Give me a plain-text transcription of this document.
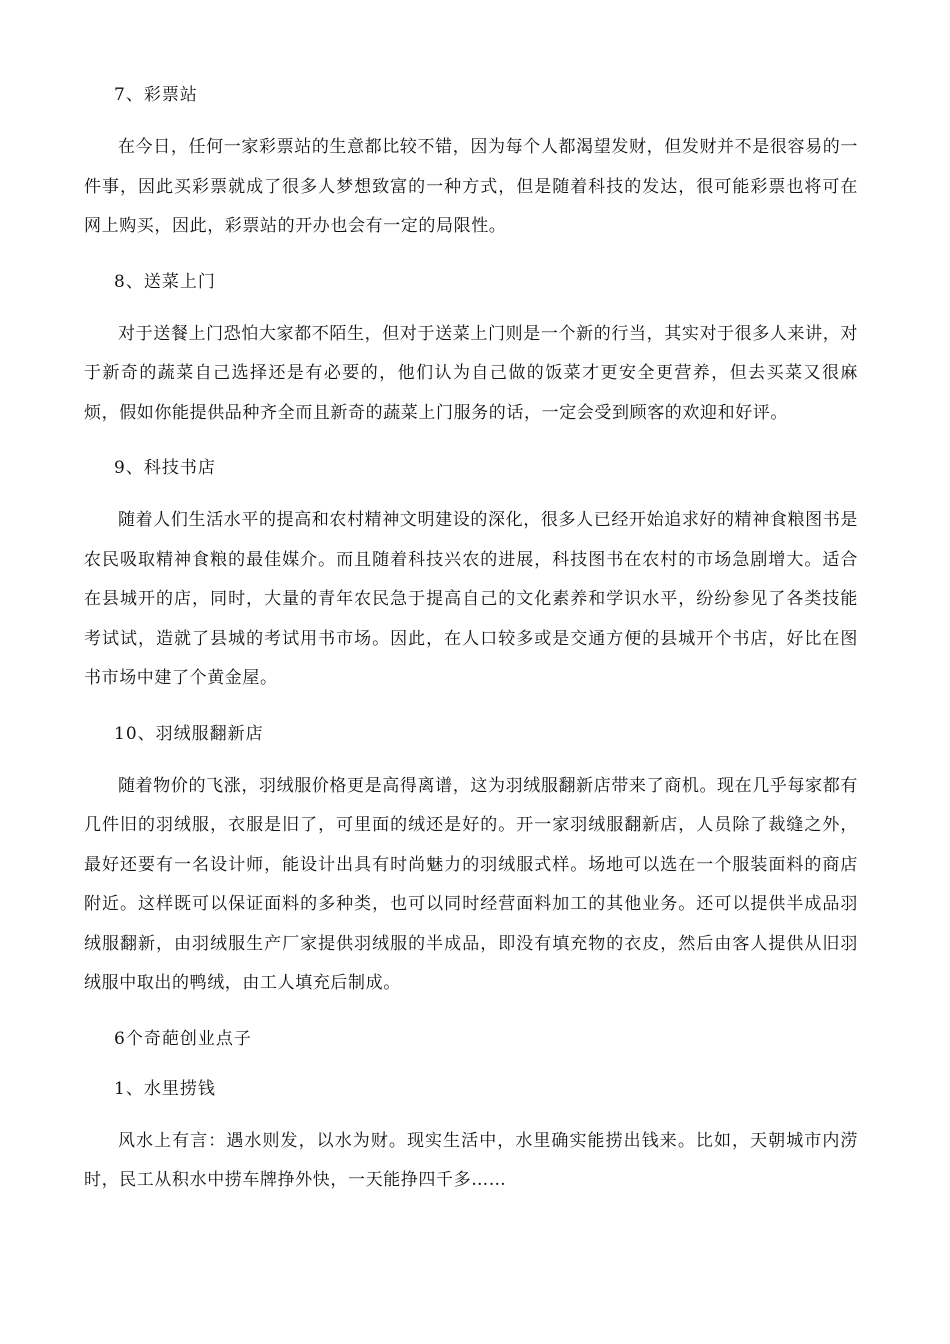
7、彩票站

在今日，任何一家彩票站的生意都比较不错，因为每个人都渴望发财，但发财并不是很容易的一件事，因此买彩票就成了很多人梦想致富的一种方式，但是随着科技的发达，很可能彩票也将可在网上购买，因此，彩票站的开办也会有一定的局限性。

8、送菜上门

对于送餐上门恐怕大家都不陌生，但对于送菜上门则是一个新的行当，其实对于很多人来讲，对于新奇的蔬菜自己选择还是有必要的，他们认为自己做的饭菜才更安全更营养，但去买菜又很麻烦，假如你能提供品种齐全而且新奇的蔬菜上门服务的话，一定会受到顾客的欢迎和好评。

9、科技书店

随着人们生活水平的提高和农村精神文明建设的深化，很多人已经开始追求好的精神食粮图书是农民吸取精神食粮的最佳媒介。而且随着科技兴农的进展，科技图书在农村的市场急剧增大。适合在县城开的店，同时，大量的青年农民急于提高自己的文化素养和学识水平，纷纷参见了各类技能考试试，造就了县城的考试用书市场。因此，在人口较多或是交通方便的县城开个书店，好比在图书市场中建了个黄金屋。

10、羽绒服翻新店

随着物价的飞涨，羽绒服价格更是高得离谱，这为羽绒服翻新店带来了商机。现在几乎每家都有几件旧的羽绒服，衣服是旧了，可里面的绒还是好的。开一家羽绒服翻新店，人员除了裁缝之外，最好还要有一名设计师，能设计出具有时尚魅力的羽绒服式样。场地可以选在一个服装面料的商店附近。这样既可以保证面料的多种类，也可以同时经营面料加工的其他业务。还可以提供半成品羽绒服翻新，由羽绒服生产厂家提供羽绒服的半成品，即没有填充物的衣皮，然后由客人提供从旧羽绒服中取出的鸭绒，由工人填充后制成。

6个奇葩创业点子

1、水里捞钱

风水上有言：遇水则发，以水为财。现实生活中，水里确实能捞出钱来。比如，天朝城市内涝时，民工从积水中捞车牌挣外快，一天能挣四千多……
